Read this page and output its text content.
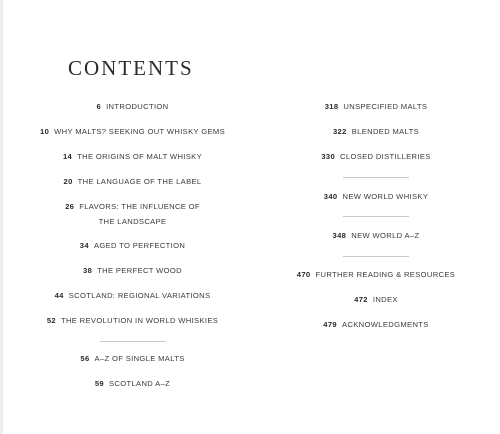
CONTENTS
6 INTRODUCTION
10 WHY MALTS? SEEKING OUT WHISKY GEMS
14 THE ORIGINS OF MALT WHISKY
20 THE LANGUAGE OF THE LABEL
26 FLAVORS: THE INFLUENCE OF
THE LANDSCAPE
34 AGED TO PERFECTION
38 THE PERFECT WOOD
44 SCOTLAND: REGIONAL VARIATIONS
52 THE REVOLUTION IN WORLD WHISKIES
56 A–Z OF SINGLE MALTS
59 SCOTLAND A–Z
318 UNSPECIFIED MALTS
322 BLENDED MALTS
330 CLOSED DISTILLERIES
340 NEW WORLD WHISKY
348 NEW WORLD A–Z
470 FURTHER READING & RESOURCES
472 INDEX
479 ACKNOWLEDGMENTS
